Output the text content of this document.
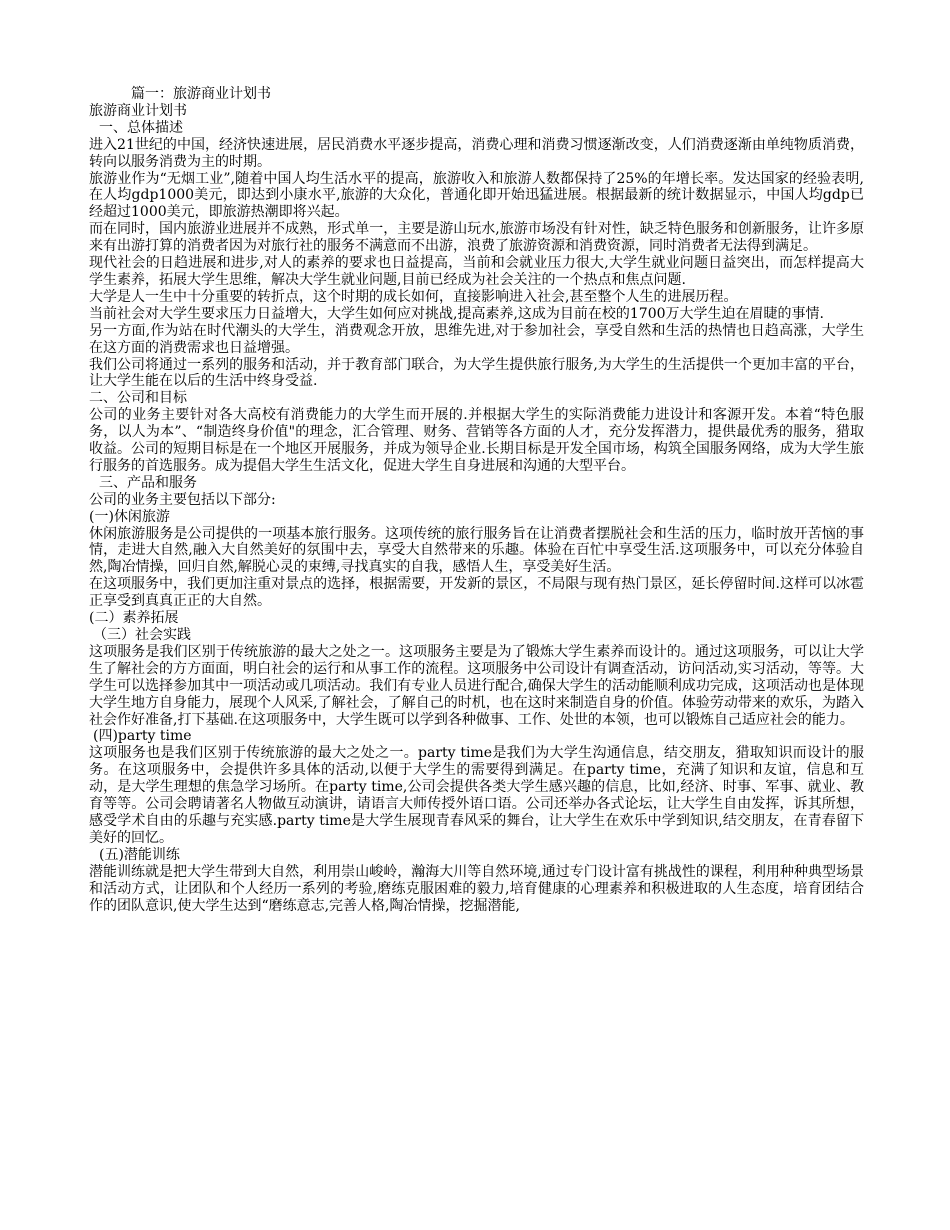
篇一：旅游商业计划书

旅游商业计划书

一、总体描述

进入21世纪的中国，经济快速进展，居民消费水平逐步提高，消费心理和消费习惯逐渐改变，人们消费逐渐由单纯物质消费，转向以服务消费为主的时期。

旅游业作为“无烟工业”,随着中国人均生活水平的提高，旅游收入和旅游人数都保持了25%的年增长率。发达国家的经验表明,在人均gdp1000美元，即达到小康水平,旅游的大众化，普通化即开始迅猛进展。根据最新的统计数据显示，中国人均gdp已经超过1000美元，即旅游热潮即将兴起。

而在同时，国内旅游业进展并不成熟，形式单一，主要是游山玩水,旅游市场没有针对性，缺乏特色服务和创新服务，让许多原来有出游打算的消费者因为对旅行社的服务不满意而不出游，浪费了旅游资源和消费资源，同时消费者无法得到满足。

现代社会的日趋进展和进步,对人的素养的要求也日益提高，当前和会就业压力很大,大学生就业问题日益突出，而怎样提高大学生素养，拓展大学生思维，解决大学生就业问题,目前已经成为社会关注的一个热点和焦点问题.

大学是人一生中十分重要的转折点，这个时期的成长如何，直接影响进入社会,甚至整个人生的进展历程。

当前社会对大学生要求压力日益增大，大学生如何应对挑战,提高素养,这成为目前在校的1700万大学生迫在眉睫的事情.

另一方面,作为站在时代潮头的大学生，消费观念开放，思维先进,对于参加社会，享受自然和生活的热情也日趋高涨，大学生在这方面的消费需求也日益增强。

我们公司将通过一系列的服务和活动，并于教育部门联合，为大学生提供旅行服务,为大学生的生活提供一个更加丰富的平台，让大学生能在以后的生活中终身受益.

二、公司和目标

公司的业务主要针对各大高校有消费能力的大学生而开展的.并根据大学生的实际消费能力进设计和客源开发。本着“特色服务，以人为本”、“制造终身价值"的理念，汇合管理、财务、营销等各方面的人才，充分发挥潜力，提供最优秀的服务，猎取收益。公司的短期目标是在一个地区开展服务，并成为领导企业.长期目标是开发全国市场，构筑全国服务网络，成为大学生旅行服务的首选服务。成为提倡大学生生活文化，促进大学生自身进展和沟通的大型平台。

三、产品和服务

公司的业务主要包括以下部分:

(一)休闲旅游

休闲旅游服务是公司提供的一项基本旅行服务。这项传统的旅行服务旨在让消费者摆脱社会和生活的压力，临时放开苦恼的事情，走进大自然,融入大自然美好的氛围中去，享受大自然带来的乐趣。体验在百忙中享受生活.这项服务中，可以充分体验自然,陶冶情操，回归自然,解脱心灵的束缚,寻找真实的自我，感悟人生，享受美好生活。

在这项服务中，我们更加注重对景点的选择，根据需要，开发新的景区，不局限与现有热门景区，延长停留时间.这样可以冰雹正享受到真真正正的大自然。

(二）素养拓展

（三）社会实践

这项服务是我们区别于传统旅游的最大之处之一。这项服务主要是为了锻炼大学生素养而设计的。通过这项服务，可以让大学生了解社会的方方面面，明白社会的运行和从事工作的流程。这项服务中公司设计有调查活动，访问活动,实习活动，等等。大学生可以选择参加其中一项活动或几项活动。我们有专业人员进行配合,确保大学生的活动能顺利成功完成，这项活动也是体现大学生地方自身能力，展现个人风采,了解社会，了解自己的时机，也在这时来制造自身的价值。体验劳动带来的欢乐，为踏入社会作好准备,打下基础.在这项服务中，大学生既可以学到各种做事、工作、处世的本领，也可以锻炼自己适应社会的能力。

(四)party time

这项服务也是我们区别于传统旅游的最大之处之一。party time是我们为大学生沟通信息，结交朋友，猎取知识而设计的服务。在这项服务中，会提供许多具体的活动,以便于大学生的需要得到满足。在party time，充满了知识和友谊，信息和互动，是大学生理想的焦急学习场所。在party time,公司会提供各类大学生感兴趣的信息，比如,经济、时事、军事、就业、教育等等。公司会聘请著名人物做互动演讲，请语言大师传授外语口语。公司还举办各式论坛，让大学生自由发挥，诉其所想，感受学术自由的乐趣与充实感.party time是大学生展现青春风采的舞台，让大学生在欢乐中学到知识,结交朋友，在青春留下美好的回忆。

(五)潜能训练

潜能训练就是把大学生带到大自然，利用崇山峻岭，瀚海大川等自然环境,通过专门设计富有挑战性的课程，利用种种典型场景和活动方式，让团队和个人经历一系列的考验,磨练克服困难的毅力,培育健康的心理素养和积极进取的人生态度，培育团结合作的团队意识,使大学生达到“磨练意志,完善人格,陶冶情操，挖掘潜能,
